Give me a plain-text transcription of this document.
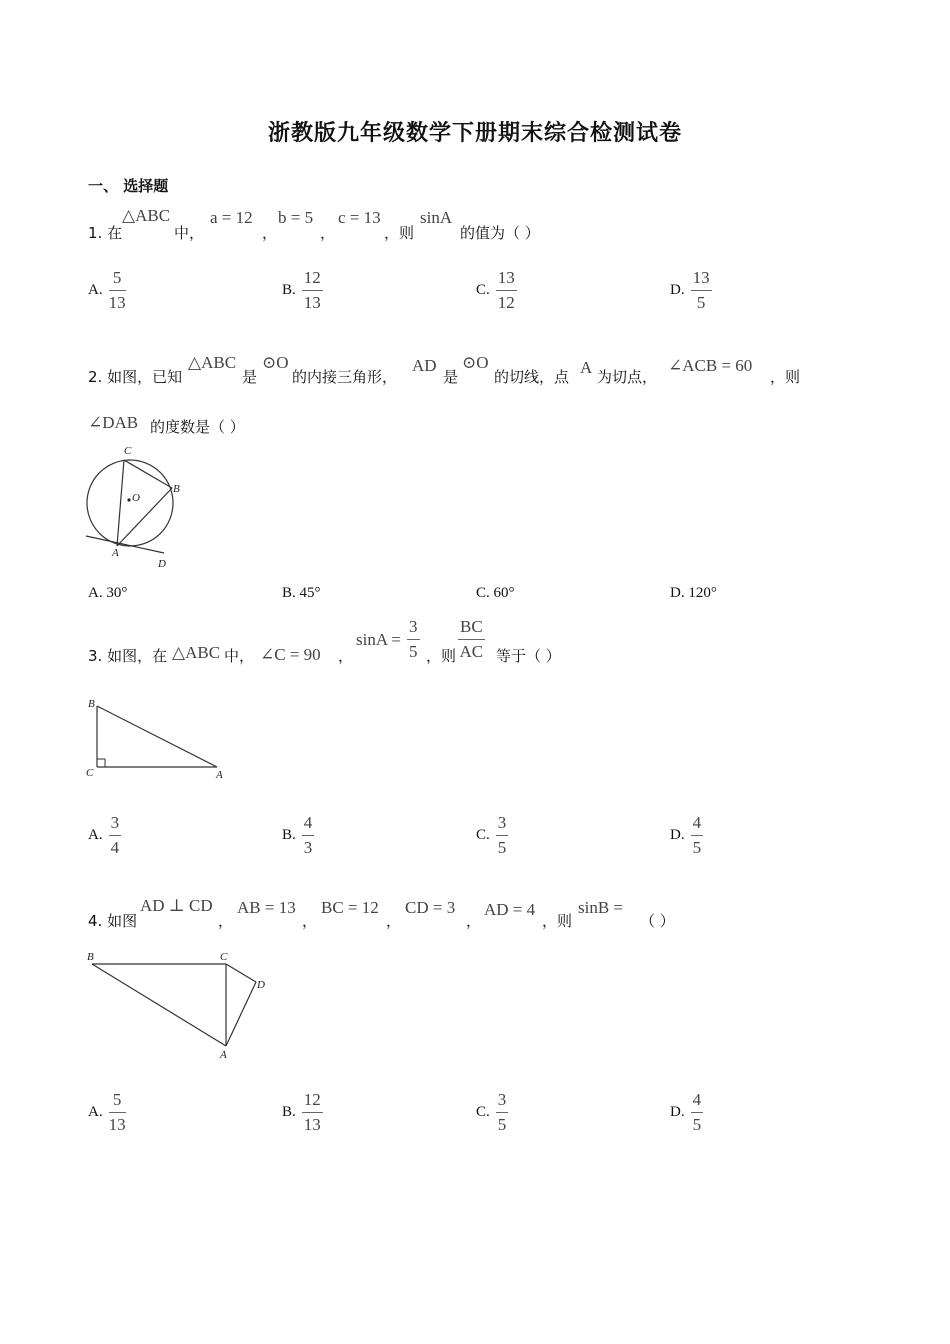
浙教版九年级数学下册期末综合检测试卷
一、 选择题
1. 在
△ABC
中，
a = 12
，
b = 5
，
c = 13
，则
sinA
的值为（ ）
A. $\frac{5}{13}$	B. $\frac{12}{13}$	C. $\frac{13}{12}$	D. $\frac{13}{5}$
2. 如图，已知
△ABC
是
⊙O
的内接三角形，
AD
是
⊙O
的切线，点 A 为切点，
∠ACB = 60
，则
∠DAB 的度数是（ ）
C
O
B
A
D
A. 30°	B. 45°	C. 60°	D. 120°
3. 如图，在 △ABC 中， ∠C = 90 ，
$\sin A = \frac{3}{5}$ ，则 $\frac{BC}{AC}$ 等于（ ）
B
C	A
A. $\frac{3}{4}$	B. $\frac{4}{3}$	C. $\frac{3}{5}$	D. $\frac{4}{5}$
4. 如图
AD ⊥ CD
，
AB = 13
，
BC = 12
，
CD = 3
，
AD = 4
，则
sinB =
（ ）
B	C
D
A
A. $\frac{5}{13}$	B. $\frac{12}{13}$	C. $\frac{3}{5}$	D. $\frac{4}{5}$
